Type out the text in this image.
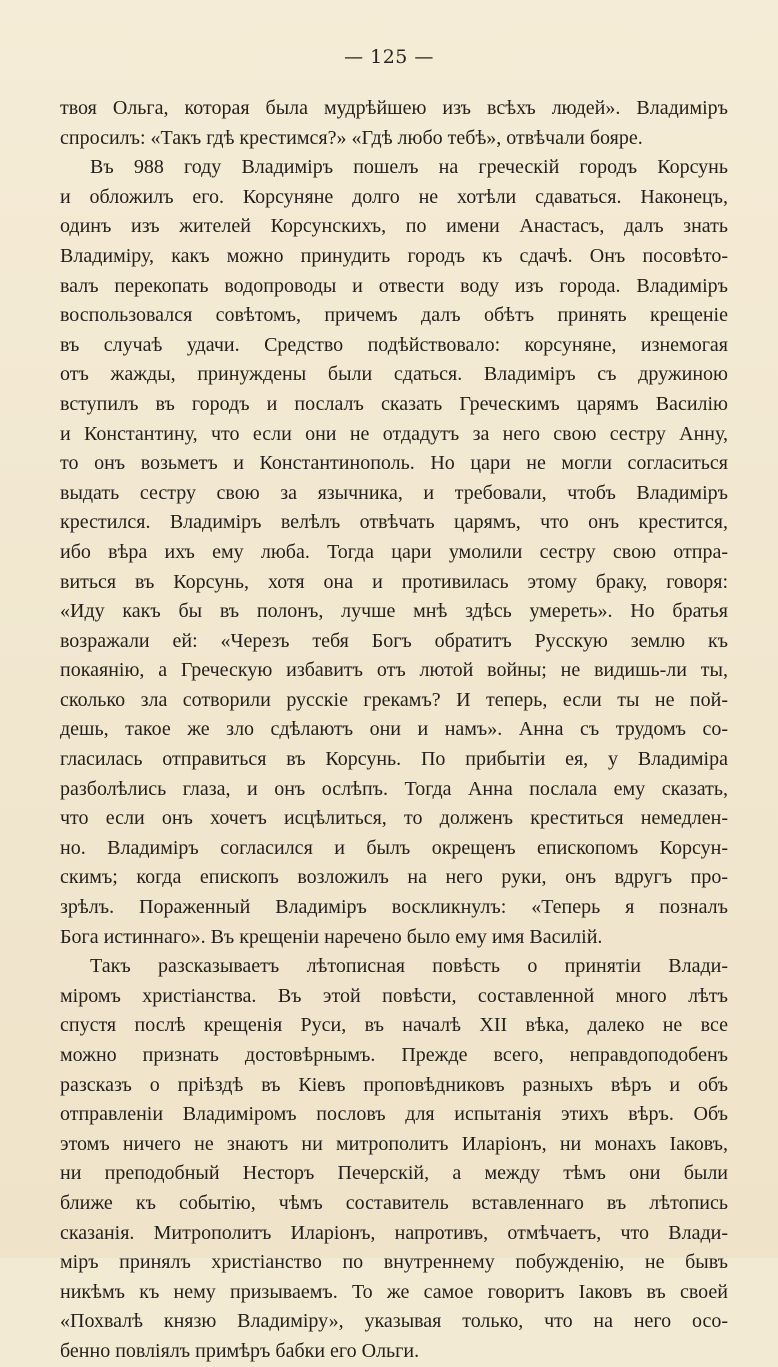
— 125 —
твоя Ольга, которая была мудрѣйшею изъ всѣхъ людей». Владиміръ
спросилъ: «Такъ гдѣ крестимся?» «Гдѣ любо тебѣ», отвѣчали бояре.
Въ 988 году Владиміръ пошелъ на греческій городъ Корсунь
и обложилъ его. Корсуняне долго не хотѣли сдаваться. Наконецъ,
одинъ изъ жителей Корсунскихъ, по имени Анастасъ, далъ знать
Владиміру, какъ можно принудить городъ къ сдачѣ. Онъ посовѣто-
валъ перекопать водопроводы и отвести воду изъ города. Владиміръ
воспользовался совѣтомъ, причемъ далъ обѣтъ принять крещеніе
въ случаѣ удачи. Средство подѣйствовало: корсуняне, изнемогая
отъ жажды, принуждены были сдаться. Владиміръ съ дружиною
вступилъ въ городъ и послалъ сказать Греческимъ царямъ Василію
и Константину, что если они не отдадутъ за него свою сестру Анну,
то онъ возьметъ и Константинополь. Но цари не могли согласиться
выдать сестру свою за язычника, и требовали, чтобъ Владиміръ
крестился. Владиміръ велѣлъ отвѣчать царямъ, что онъ крестится,
ибо вѣра ихъ ему люба. Тогда цари умолили сестру свою отпра-
виться въ Корсунь, хотя она и противилась этому браку, говоря:
«Иду какъ бы въ полонъ, лучше мнѣ здѣсь умереть». Но братья
возражали ей: «Черезъ тебя Богъ обратитъ Русскую землю къ
покаянію, а Греческую избавитъ отъ лютой войны; не видишь-ли ты,
сколько зла сотворили русскіе грекамъ? И теперь, если ты не пой-
дешь, такое же зло сдѣлаютъ они и намъ». Анна съ трудомъ со-
гласилась отправиться въ Корсунь. По прибытіи ея, у Владиміра
разболѣлись глаза, и онъ ослѣпъ. Тогда Анна послала ему сказать,
что если онъ хочетъ исцѣлиться, то долженъ креститься немедлен-
но. Владиміръ согласился и былъ окрещенъ епископомъ Корсун-
скимъ; когда епископъ возложилъ на него руки, онъ вдругъ про-
зрѣлъ. Пораженный Владиміръ воскликнулъ: «Теперь я позналъ
Бога истиннаго». Въ крещеніи наречено было ему имя Василій.
Такъ разсказываетъ лѣтописная повѣсть о принятіи Влади-
міромъ христіанства. Въ этой повѣсти, составленной много лѣтъ
спустя послѣ крещенія Руси, въ началѣ XII вѣка, далеко не все
можно признать достовѣрнымъ. Прежде всего, неправдоподобенъ
разсказъ о пріѣздѣ въ Кіевъ проповѣдниковъ разныхъ вѣръ и объ
отправленіи Владиміромъ пословъ для испытанія этихъ вѣръ. Объ
этомъ ничего не знаютъ ни митрополитъ Иларіонъ, ни монахъ Іаковъ,
ни преподобный Несторъ Печерскій, а между тѣмъ они были
ближе къ событію, чѣмъ составитель вставленнаго въ лѣтопись
сказанія. Митрополитъ Иларіонъ, напротивъ, отмѣчаетъ, что Влади-
міръ принялъ христіанство по внутреннему побужденію, не бывъ
никѣмъ къ нему призываемъ. То же самое говоритъ Іаковъ въ своей
«Похвалѣ князю Владиміру», указывая только, что на него осо-
бенно повліялъ примѣръ бабки его Ольги.
